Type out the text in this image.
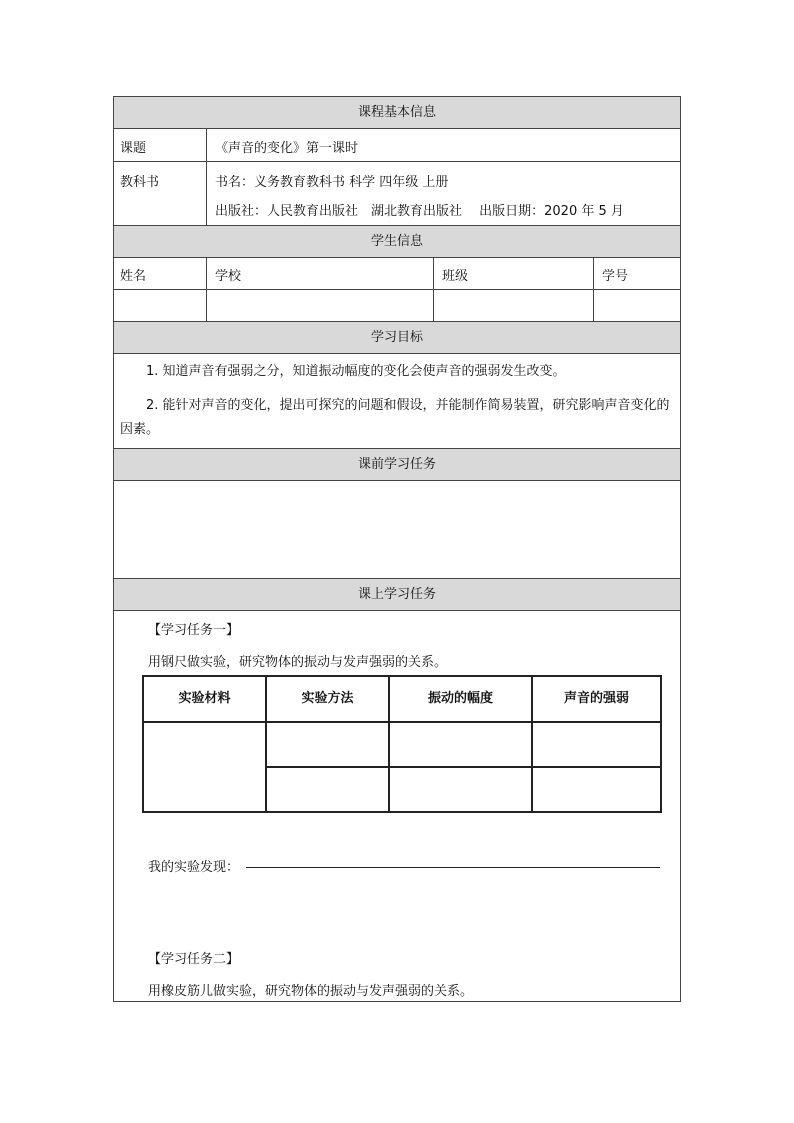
课程基本信息
课题	《声音的变化》第一课时
教科书	书名：义务教育教科书 科学 四年级 上册
出版社：人民教育出版社　湖北教育出版社　 出版日期：2020 年 5 月
学生信息
姓名	学校	班级	学号
学习目标
1. 知道声音有强弱之分，知道振动幅度的变化会使声音的强弱发生改变。
2. 能针对声音的变化，提出可探究的问题和假设，并能制作简易装置，研究影响声音变化的因素。
课前学习任务
课上学习任务
【学习任务一】
用钢尺做实验，研究物体的振动与发声强弱的关系。
实验材料	实验方法	振动的幅度	声音的强弱
我的实验发现：
【学习任务二】
用橡皮筋儿做实验，研究物体的振动与发声强弱的关系。
